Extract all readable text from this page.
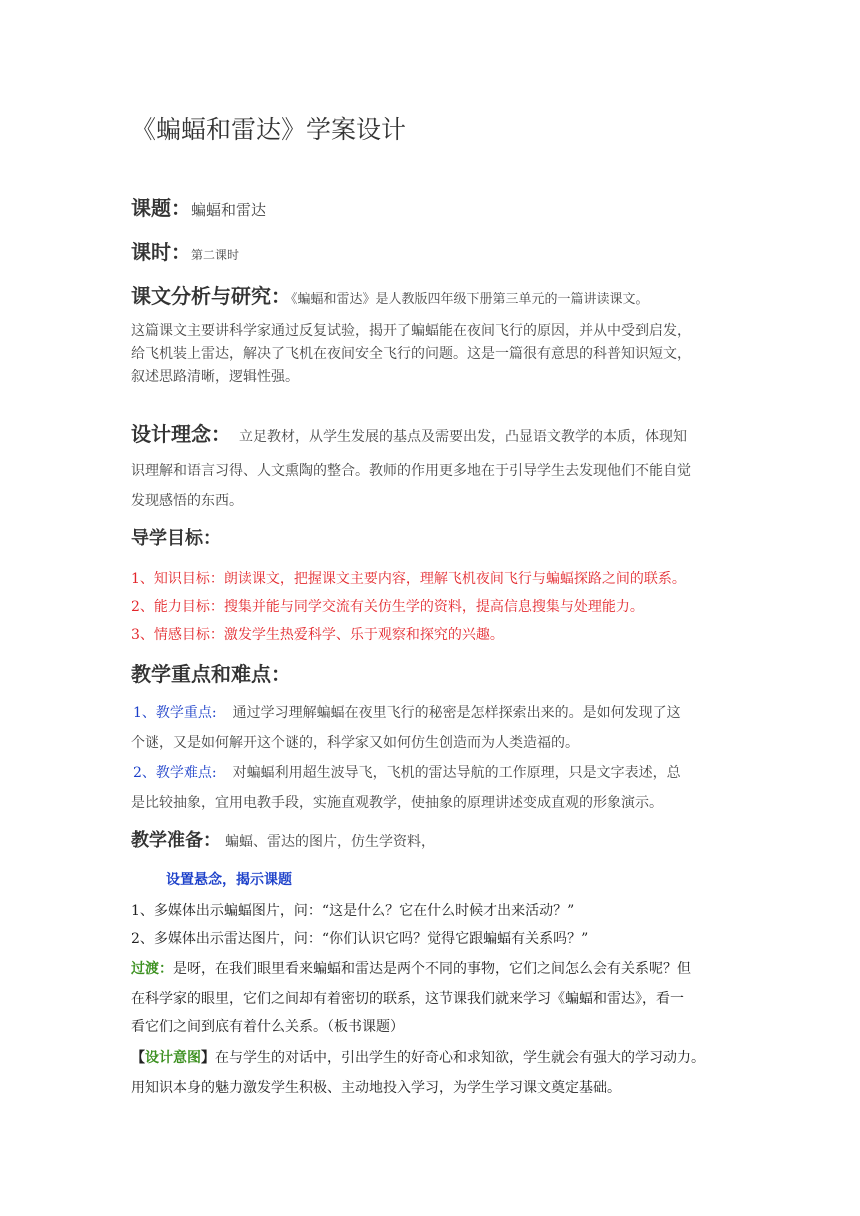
《蝙蝠和雷达》学案设计
课题：蝙蝠和雷达
课时：第二课时
课文分析与研究：《蝙蝠和雷达》是人教版四年级下册第三单元的一篇讲读课文。
这篇课文主要讲科学家通过反复试验，揭开了蝙蝠能在夜间飞行的原因，并从中受到启发，
给飞机装上雷达，解决了飞机在夜间安全飞行的问题。这是一篇很有意思的科普知识短文，
叙述思路清晰，逻辑性强。
设计理念： 立足教材，从学生发展的基点及需要出发，凸显语文教学的本质，体现知
识理解和语言习得、人文熏陶的整合。教师的作用更多地在于引导学生去发现他们不能自觉
发现感悟的东西。
导学目标：
1、知识目标：朗读课文，把握课文主要内容，理解飞机夜间飞行与蝙蝠探路之间的联系。
2、能力目标：搜集并能与同学交流有关仿生学的资料，提高信息搜集与处理能力。
3、情感目标：激发学生热爱科学、乐于观察和探究的兴趣。
教学重点和难点：
1、教学重点: 通过学习理解蝙蝠在夜里飞行的秘密是怎样探索出来的。是如何发现了这
个谜，又是如何解开这个谜的，科学家又如何仿生创造而为人类造福的。
2、教学难点: 对蝙蝠利用超生波导飞，飞机的雷达导航的工作原理，只是文字表述，总
是比较抽象，宜用电教手段，实施直观教学，使抽象的原理讲述变成直观的形象演示。
教学准备： 蝙蝠、雷达的图片，仿生学资料，
设置悬念，揭示课题
1、多媒体出示蝙蝠图片，问：“这是什么？它在什么时候才出来活动？”
2、多媒体出示雷达图片，问：“你们认识它吗？觉得它跟蝙蝠有关系吗？”
过渡：是呀，在我们眼里看来蝙蝠和雷达是两个不同的事物，它们之间怎么会有关系呢？但
在科学家的眼里，它们之间却有着密切的联系，这节课我们就来学习《蝙蝠和雷达》，看一
看它们之间到底有着什么关系。（板书课题）
【设计意图】在与学生的对话中，引出学生的好奇心和求知欲，学生就会有强大的学习动力。
用知识本身的魅力激发学生积极、主动地投入学习，为学生学习课文奠定基础。
